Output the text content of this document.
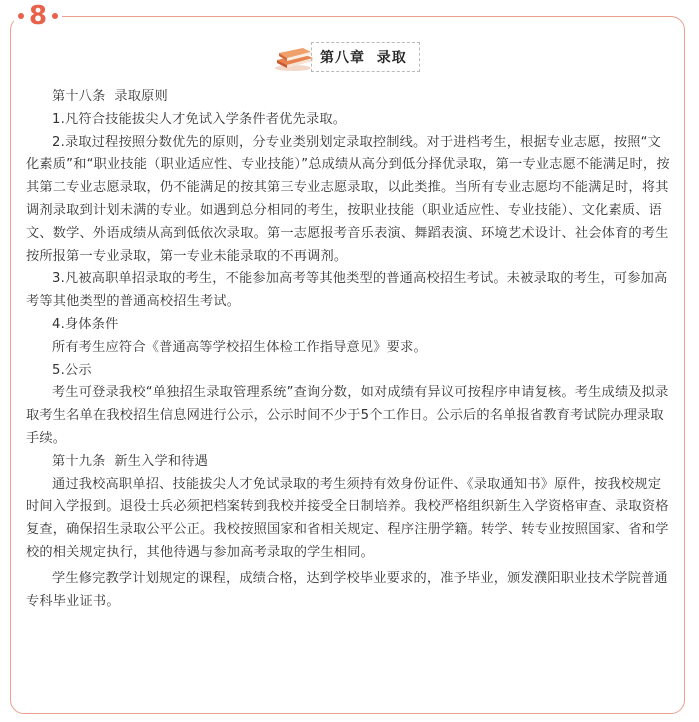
8
第八章  录取

第十八条  录取原则

1.凡符合技能拔尖人才免试入学条件者优先录取。

2.录取过程按照分数优先的原则，分专业类别划定录取控制线。对于进档考生，根据专业志愿，按照“文化素质”和“职业技能（职业适应性、专业技能）”总成绩从高分到低分择优录取，第一专业志愿不能满足时，按其第二专业志愿录取，仍不能满足的按其第三专业志愿录取，以此类推。当所有专业志愿均不能满足时，将其调剂录取到计划未满的专业。如遇到总分相同的考生，按职业技能（职业适应性、专业技能）、文化素质、语文、数学、外语成绩从高到低依次录取。第一志愿报考音乐表演、舞蹈表演、环境艺术设计、社会体育的考生按所报第一专业录取，第一专业未能录取的不再调剂。

3.凡被高职单招录取的考生，不能参加高考等其他类型的普通高校招生考试。未被录取的考生，可参加高考等其他类型的普通高校招生考试。

4.身体条件

所有考生应符合《普通高等学校招生体检工作指导意见》要求。

5.公示

考生可登录我校“单独招生录取管理系统”查询分数，如对成绩有异议可按程序申请复核。考生成绩及拟录取考生名单在我校招生信息网进行公示，公示时间不少于5个工作日。公示后的名单报省教育考试院办理录取手续。

第十九条  新生入学和待遇

通过我校高职单招、技能拔尖人才免试录取的考生须持有效身份证件、《录取通知书》原件，按我校规定时间入学报到。退役士兵必须把档案转到我校并接受全日制培养。我校严格组织新生入学资格审查、录取资格复查，确保招生录取公平公正。我校按照国家和省相关规定、程序注册学籍。转学、转专业按照国家、省和学校的相关规定执行，其他待遇与参加高考录取的学生相同。

学生修完教学计划规定的课程，成绩合格，达到学校毕业要求的，准予毕业，颁发濮阳职业技术学院普通专科毕业证书。
